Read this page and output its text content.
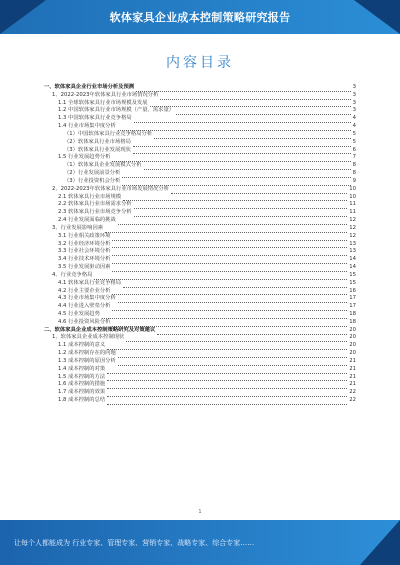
软体家具企业成本控制策略研究报告
内容目录
一、软体家具企业行业市场分析及预测	3
1、2022-2023年软体家具行业市场情况分析	3
1.1 全球软体家具行业市场规模及发展	3
1.2 中国软体家具行业市场规模（产量、需求量）	3
1.3 中国软体家具行业竞争格局	4
1.4 行业市场集中度分析	4
（1）中国软体家具行业竞争格局分析	5
（2）软体家具行业市场格局	5
（3）软体家具行业发展现状	6
1.5 行业发展趋势分析	7
（1）软体家具企业发展模式分析	8
（2）行业发展前景分析	8
（3）行业投资机会分析	9
2、2022-2023年软体家具行业市场发展情况分析	10
2.1 软体家具行业市场规模	10
2.2 软体家具行业市场需求分析	11
2.3 软体家具行业市场竞争分析	11
2.4 行业发展面临的挑战	12
3、行业发展影响因素	12
3.1 行业相关政策环境	12
3.2 行业经济环境分析	13
3.3 行业社会环境分析	13
3.4 行业技术环境分析	14
3.5 行业发展驱动因素	14
4、行业竞争格局	15
4.1 软体家具行业竞争格局	15
4.2 行业主要企业分析	16
4.3 行业市场集中度分析	17
4.4 行业进入壁垒分析	17
4.5 行业发展趋势	18
4.6 行业投资风险分析	18
二、软体家具企业成本控制策略研究及对策建议	20
1、软体家具企业成本控制现状	20
1.1 成本控制的意义	20
1.2 成本控制存在的问题	20
1.3 成本控制的原因分析	21
1.4 成本控制的对策	21
1.5 成本控制的方法	21
1.6 成本控制的措施	21
1.7 成本控制的效果	22
1.8 成本控制的总结	22
1
让每个人都能成为 行业专家、管理专家、营销专家、战略专家、综合专家……
